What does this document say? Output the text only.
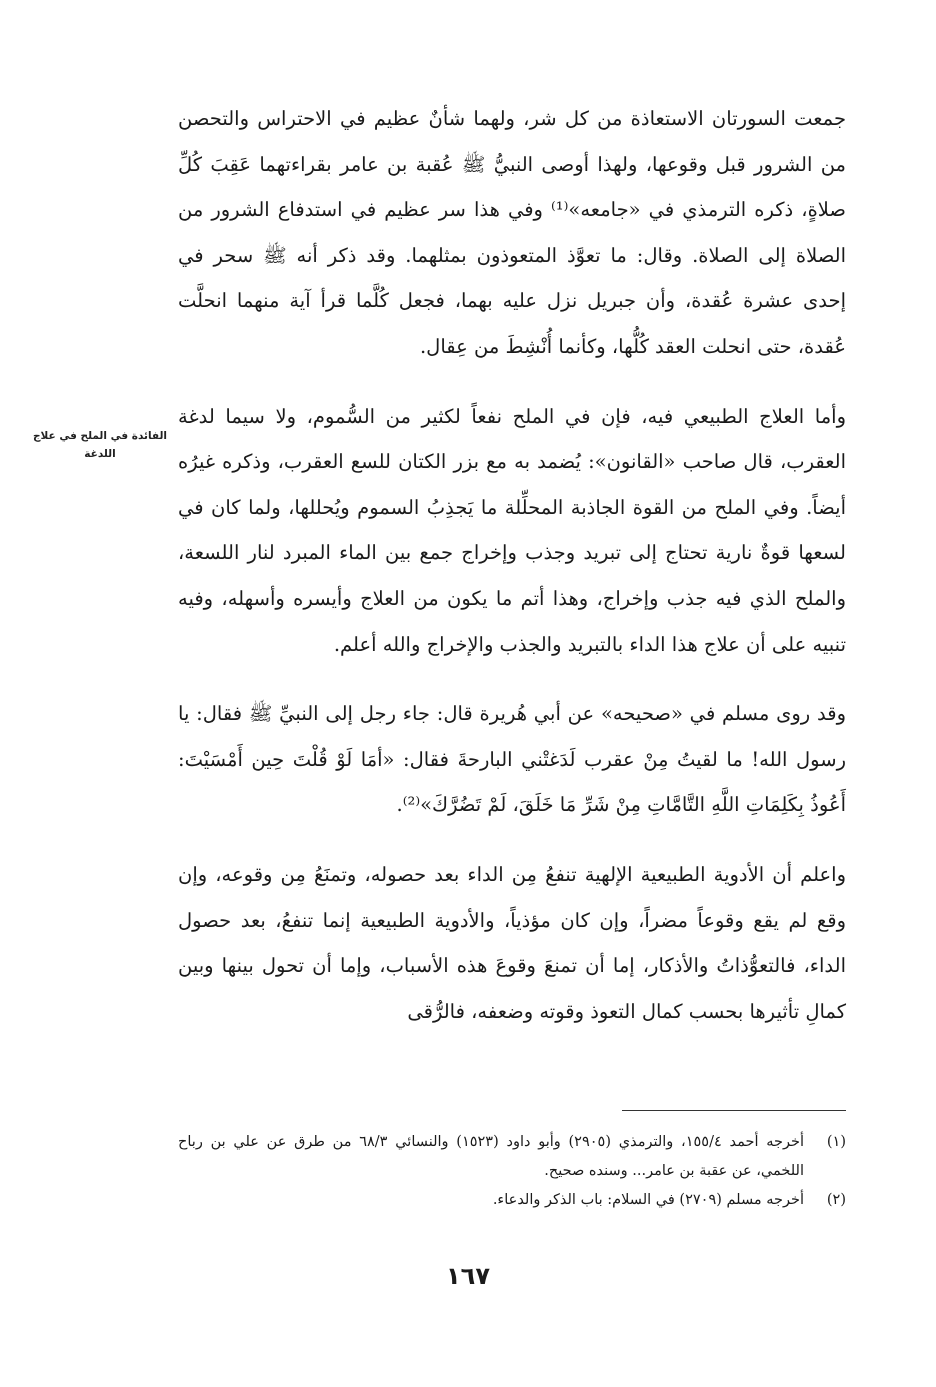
جمعت السورتان الاستعاذة من كل شر، ولهما شأنٌ عظيم في الاحتراس والتحصن من الشرور قبل وقوعها، ولهذا أوصى النبيُّ ﷺ عُقبة بن عامر بقراءتهما عَقِبَ كُلِّ صلاةٍ، ذكره الترمذي في «جامعه»⁽¹⁾ وفي هذا سر عظيم في استدفاع الشرور من الصلاة إلى الصلاة. وقال: ما تعوَّذ المتعوذون بمثلهما. وقد ذكر أنه ﷺ سحر في إحدى عشرة عُقدة، وأن جبريل نزل عليه بهما، فجعل كُلَّما قرأ آية منهما انحلَّت عُقدة، حتى انحلت العقد كُلُّها، وكأنما أُنْشِطَ من عِقال.

وأما العلاج الطبيعي فيه، فإن في الملح نفعاً لكثير من السُّموم، ولا سيما لدغة العقرب، قال صاحب «القانون»: يُضمد به مع بزر الكتان للسع العقرب، وذكره غيرُه أيضاً. وفي الملح من القوة الجاذبة المحلِّلة ما يَجذِبُ السموم ويُحللها، ولما كان في لسعها قوةٌ نارية تحتاج إلى تبريد وجذب وإخراج جمع بين الماء المبرد لنار اللسعة، والملح الذي فيه جذب وإخراج، وهذا أتم ما يكون من العلاج وأيسره وأسهله، وفيه تنبيه على أن علاج هذا الداء بالتبريد والجذب والإخراج والله أعلم.

وقد روى مسلم في «صحيحه» عن أبي هُريرة قال: جاء رجل إلى النبيِّ ﷺ فقال: يا رسول الله! ما لقيتُ مِنْ عقرب لَدَغتْني البارحةَ فقال: «أمَا لَوْ قُلْتَ حِين أَمْسَيْتَ: أَعُوذُ بِكَلِمَاتِ اللَّهِ التَّامَّاتِ مِنْ شَرِّ مَا خَلَقَ، لَمْ تَضُرَّكَ»⁽²⁾.

واعلم أن الأدوية الطبيعية الإلهية تنفعُ مِن الداء بعد حصوله، وتمنَعُ مِن وقوعه، وإن وقع لم يقع وقوعاً مضراً، وإن كان مؤذياً، والأدوية الطبيعية إنما تنفعُ، بعد حصول الداء، فالتعوُّذاتُ والأذكار، إما أن تمنعَ وقوعَ هذه الأسباب، وإما أن تحول بينها وبين كمالِ تأثيرها بحسب كمال التعوذ وقوته وضعفه، فالرُّقى

الفائدة في الملح في علاج اللدغة

(١)
أخرجه أحمد ١٥٥/٤، والترمذي (٢٩٠٥) وأبو داود (١٥٢٣) والنسائي ٦٨/٣ من طرق عن علي بن رباح اللخمي، عن عقبة بن عامر... وسنده صحيح.

(٢)
أخرجه مسلم (٢٧٠٩) في السلام: باب الذكر والدعاء.

١٦٧
